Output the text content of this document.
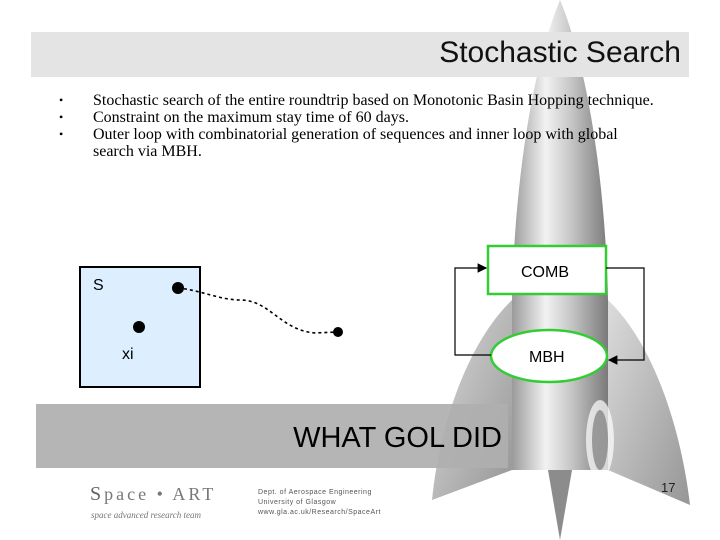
Stochastic Search
• Stochastic search of the entire roundtrip based on Monotonic Basin Hopping technique.
• Constraint on the maximum stay time of 60 days.
• Outer loop with combinatorial generation of sequences and inner loop with global search via MBH.
S
xi
COMB
MBH
WHAT GOL DID
Space • ART
space advanced research team
Dept. of Aerospace Engineering
University of Glasgow
www.gla.ac.uk/Research/SpaceArt
17
